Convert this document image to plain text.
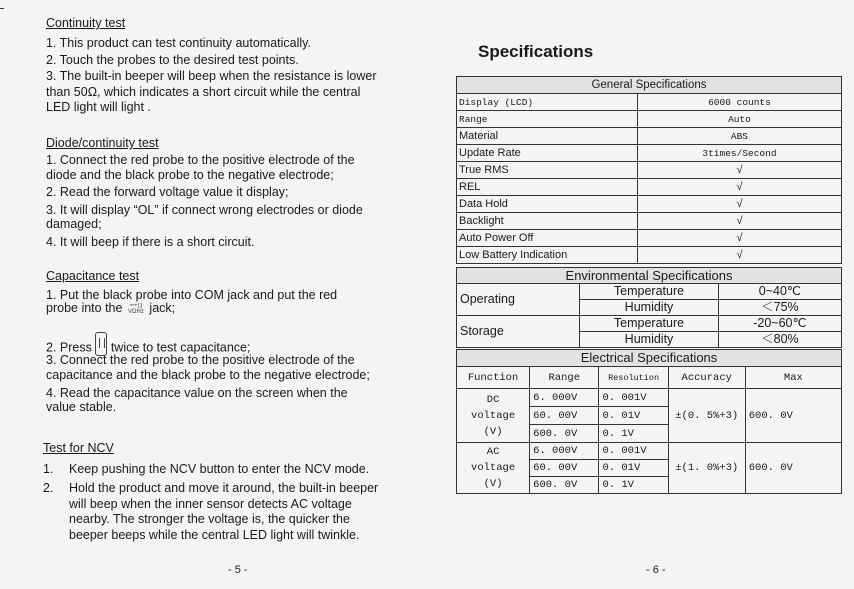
Continuity test
1. This product can test continuity automatically.
2. Touch the probes to the desired test points.
3. The built-in beeper will beep when the resistance is lower
than 50Ω, which indicates a short circuit while the central
LED light will light .
Diode/continuity test
1. Connect the red probe to the positive electrode of the
diode and the black probe to the negative electrode;
2. Read the forward voltage value it display;
3. It will display “OL” if connect wrong electrodes or diode
damaged;
4. It will beep if there is a short circuit.
Capacitance test
1. Put the black probe into COM jack and put the red
probe into the ⎓+|:|
VΩHz jack;
2. Press twice to test capacitance;
3. Connect the red probe to the positive electrode of the
capacitance and the black probe to the negative electrode;
4. Read the capacitance value on the screen when the
value stable.
Test for NCV
1. Keep pushing the NCV button to enter the NCV mode.
2. Hold the product and move it around, the built-in beeper
will beep when the inner sensor detects AC voltage
nearby. The stronger the voltage is, the quicker the
beeper beeps while the central LED light will twinkle.
- 5 -
Specifications
General Specifications	
Display (LCD)	6000 counts
Range	Auto
Material	ABS
Update Rate	3times/Second
True RMS	√
REL	√
Data Hold	√
Backlight	√
Auto Power Off	√
Low Battery Indication	√
Environmental Specifications		
Operating	Temperature	0~40℃
	Humidity	＜75%
Storage	Temperature	-20~60℃
	Humidity	＜80%
Electrical Specifications				
Function	Range	Resolution	Accuracy	Max

DC
voltage
(V)	6. 000V	0. 001V	±(0. 5%+3)	600. 0V
	60. 00V	0. 01V		
	600. 0V	0. 1V		

AC
voltage
(V)	6. 000V	0. 001V	±(1. 0%+3)	600. 0V
	60. 00V	0. 01V		
	600. 0V	0. 1V		
- 6 -
